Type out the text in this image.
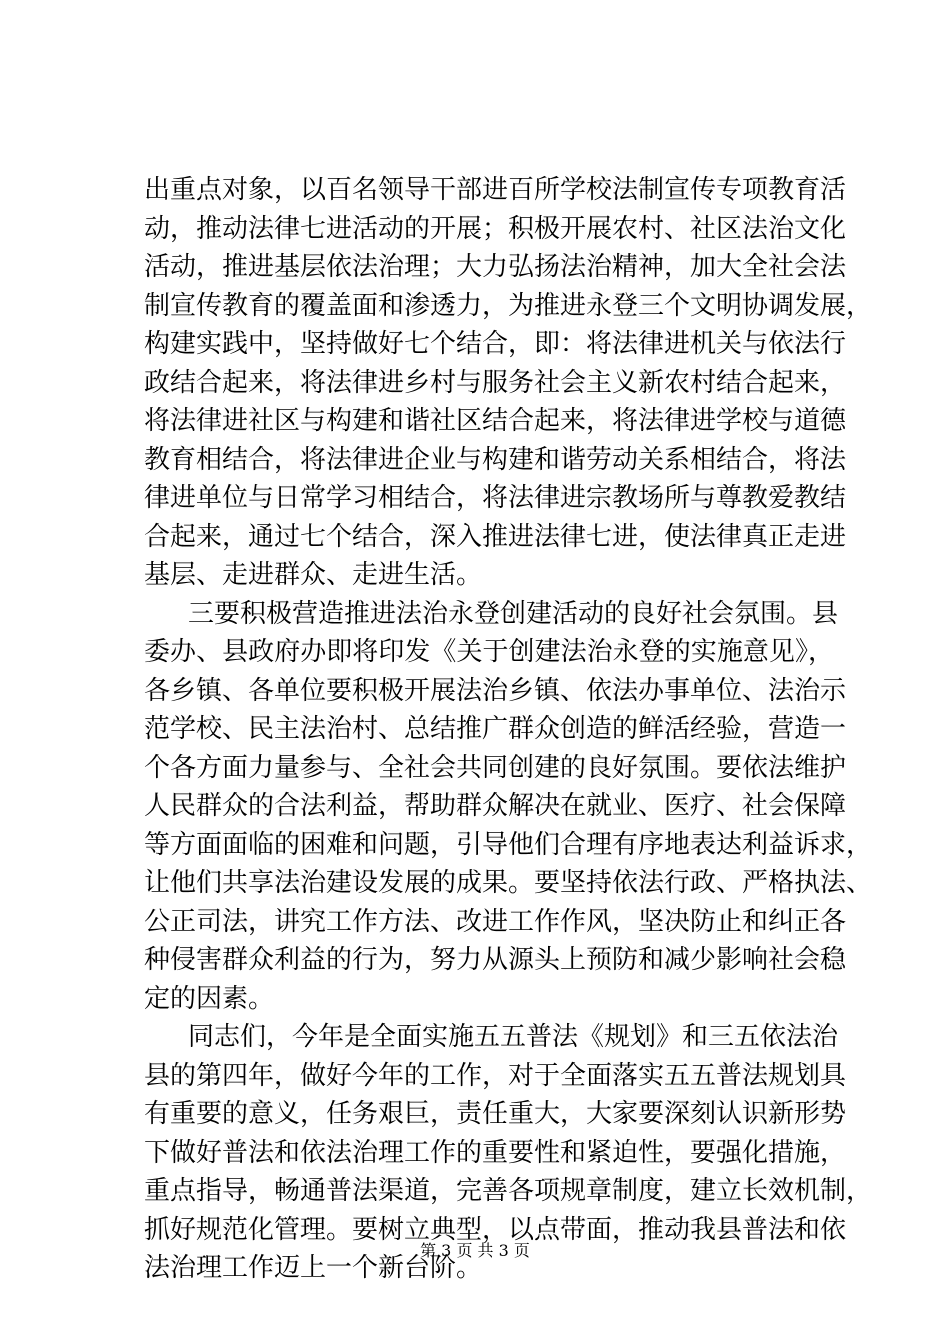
出重点对象，以百名领导干部进百所学校法制宣传专项教育活
动，推动法律七进活动的开展；积极开展农村、社区法治文化
活动，推进基层依法治理；大力弘扬法治精神，加大全社会法
制宣传教育的覆盖面和渗透力，为推进永登三个文明协调发展，
构建实践中，坚持做好七个结合，即：将法律进机关与依法行
政结合起来，将法律进乡村与服务社会主义新农村结合起来，
将法律进社区与构建和谐社区结合起来，将法律进学校与道德
教育相结合，将法律进企业与构建和谐劳动关系相结合，将法
律进单位与日常学习相结合，将法律进宗教场所与尊教爱教结
合起来，通过七个结合，深入推进法律七进，使法律真正走进
基层、走进群众、走进生活。
三要积极营造推进法治永登创建活动的良好社会氛围。县
委办、县政府办即将印发《关于创建法治永登的实施意见》，
各乡镇、各单位要积极开展法治乡镇、依法办事单位、法治示
范学校、民主法治村、总结推广群众创造的鲜活经验，营造一
个各方面力量参与、全社会共同创建的良好氛围。要依法维护
人民群众的合法利益，帮助群众解决在就业、医疗、社会保障
等方面面临的困难和问题，引导他们合理有序地表达利益诉求，
让他们共享法治建设发展的成果。要坚持依法行政、严格执法、
公正司法，讲究工作方法、改进工作作风，坚决防止和纠正各
种侵害群众利益的行为，努力从源头上预防和减少影响社会稳
定的因素。
同志们，今年是全面实施五五普法《规划》和三五依法治
县的第四年，做好今年的工作，对于全面落实五五普法规划具
有重要的意义，任务艰巨，责任重大，大家要深刻认识新形势
下做好普法和依法治理工作的重要性和紧迫性，要强化措施，
重点指导，畅通普法渠道，完善各项规章制度，建立长效机制，
抓好规范化管理。要树立典型，以点带面，推动我县普法和依
法治理工作迈上一个新台阶。
第 3 页 共 3 页
